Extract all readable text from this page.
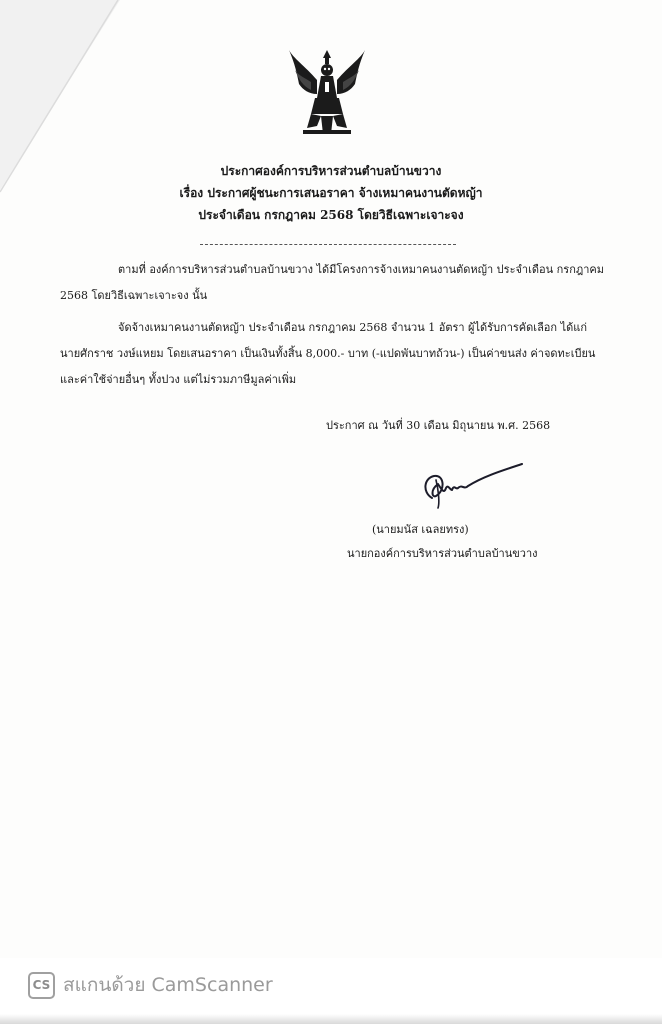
ประกาศองค์การบริหารส่วนตำบลบ้านขวาง
เรื่อง ประกาศผู้ชนะการเสนอราคา จ้างเหมาคนงานตัดหญ้า
ประจำเดือน กรกฎาคม 2568 โดยวิธีเฉพาะเจาะจง
ตามที่ องค์การบริหารส่วนตำบลบ้านขวาง ได้มีโครงการจ้างเหมาคนงานตัดหญ้า ประจำเดือน กรกฎาคม
2568 โดยวิธีเฉพาะเจาะจง นั้น
จัดจ้างเหมาคนงานตัดหญ้า ประจำเดือน กรกฎาคม 2568 จำนวน 1 อัตรา ผู้ได้รับการคัดเลือก ได้แก่
นายศักราช วงษ์แหยม โดยเสนอราคา เป็นเงินทั้งสิ้น 8,000.- บาท (-แปดพันบาทถ้วน-) เป็นค่าขนส่ง ค่าจดทะเบียน
และค่าใช้จ่ายอื่นๆ ทั้งปวง แต่ไม่รวมภาษีมูลค่าเพิ่ม
ประกาศ ณ วันที่ 30 เดือน มิถุนายน พ.ศ. 2568
(นายมนัส เฉลยทรง)
นายกองค์การบริหารส่วนตำบลบ้านขวาง
CS สแกนด้วย CamScanner
